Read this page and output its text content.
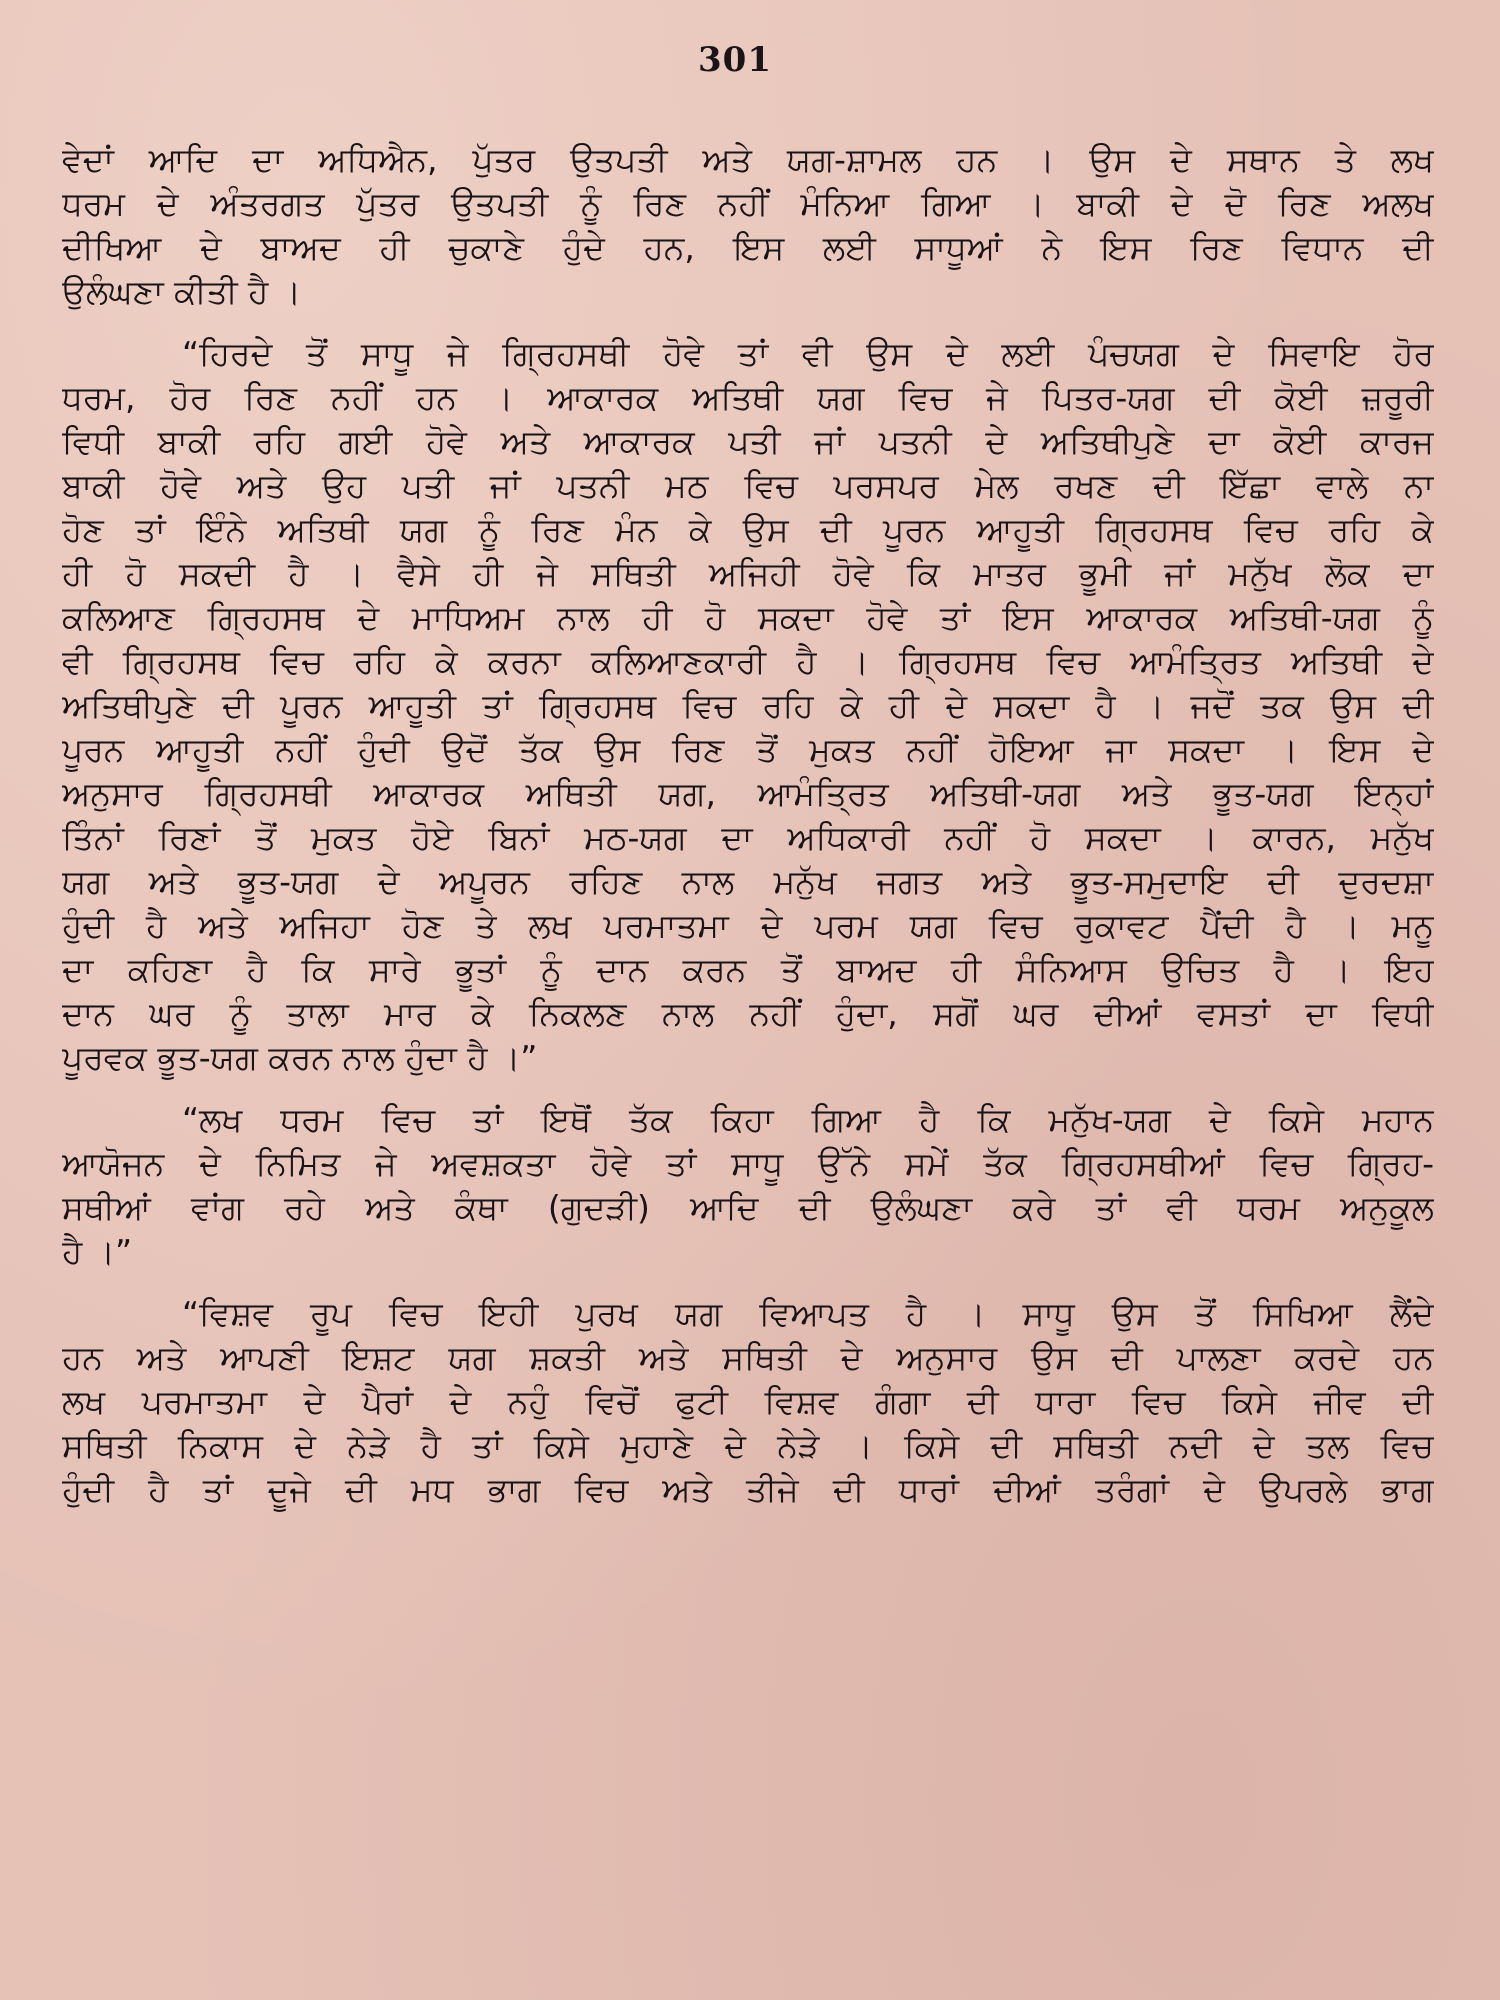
301
ਵੇਦਾਂ ਆਦਿ ਦਾ ਅਧਿਐਨ, ਪੁੱਤਰ ਉਤਪਤੀ ਅਤੇ ਯਗ-ਸ਼ਾਮਲ ਹਨ । ਉਸ ਦੇ ਸਥਾਨ ਤੇ ਲਖ
ਧਰਮ ਦੇ ਅੰਤਰਗਤ ਪੁੱਤਰ ਉਤਪਤੀ ਨੂੰ ਰਿਣ ਨਹੀਂ ਮੰਨਿਆ ਗਿਆ । ਬਾਕੀ ਦੇ ਦੋ ਰਿਣ ਅਲਖ
ਦੀਖਿਆ ਦੇ ਬਾਅਦ ਹੀ ਚੁਕਾਣੇ ਹੁੰਦੇ ਹਨ, ਇਸ ਲਈ ਸਾਧੂਆਂ ਨੇ ਇਸ ਰਿਣ ਵਿਧਾਨ ਦੀ
ਉਲੰਘਣਾ ਕੀਤੀ ਹੈ ।
“ਹਿਰਦੇ ਤੋਂ ਸਾਧੂ ਜੇ ਗ੍ਰਿਹਸਥੀ ਹੋਵੇ ਤਾਂ ਵੀ ਉਸ ਦੇ ਲਈ ਪੰਚਯਗ ਦੇ ਸਿਵਾਇ ਹੋਰ
ਧਰਮ, ਹੋਰ ਰਿਣ ਨਹੀਂ ਹਨ । ਆਕਾਰਕ ਅਤਿਥੀ ਯਗ ਵਿਚ ਜੇ ਪਿਤਰ-ਯਗ ਦੀ ਕੋਈ ਜ਼ਰੂਰੀ
ਵਿਧੀ ਬਾਕੀ ਰਹਿ ਗਈ ਹੋਵੇ ਅਤੇ ਆਕਾਰਕ ਪਤੀ ਜਾਂ ਪਤਨੀ ਦੇ ਅਤਿਥੀਪੁਣੇ ਦਾ ਕੋਈ ਕਾਰਜ
ਬਾਕੀ ਹੋਵੇ ਅਤੇ ਉਹ ਪਤੀ ਜਾਂ ਪਤਨੀ ਮਠ ਵਿਚ ਪਰਸਪਰ ਮੇਲ ਰਖਣ ਦੀ ਇੱਛਾ ਵਾਲੇ ਨਾ
ਹੋਣ ਤਾਂ ਇੰਨੇ ਅਤਿਥੀ ਯਗ ਨੂੰ ਰਿਣ ਮੰਨ ਕੇ ਉਸ ਦੀ ਪੂਰਨ ਆਹੂਤੀ ਗ੍ਰਿਹਸਥ ਵਿਚ ਰਹਿ ਕੇ
ਹੀ ਹੋ ਸਕਦੀ ਹੈ । ਵੈਸੇ ਹੀ ਜੇ ਸਥਿਤੀ ਅਜਿਹੀ ਹੋਵੇ ਕਿ ਮਾਤਰ ਭੂਮੀ ਜਾਂ ਮਨੁੱਖ ਲੋਕ ਦਾ
ਕਲਿਆਣ ਗ੍ਰਿਹਸਥ ਦੇ ਮਾਧਿਅਮ ਨਾਲ ਹੀ ਹੋ ਸਕਦਾ ਹੋਵੇ ਤਾਂ ਇਸ ਆਕਾਰਕ ਅਤਿਥੀ-ਯਗ ਨੂੰ
ਵੀ ਗ੍ਰਿਹਸਥ ਵਿਚ ਰਹਿ ਕੇ ਕਰਨਾ ਕਲਿਆਣਕਾਰੀ ਹੈ । ਗ੍ਰਿਹਸਥ ਵਿਚ ਆਮੰਤ੍ਰਿਤ ਅਤਿਥੀ ਦੇ
ਅਤਿਥੀਪੁਣੇ ਦੀ ਪੂਰਨ ਆਹੂਤੀ ਤਾਂ ਗ੍ਰਿਹਸਥ ਵਿਚ ਰਹਿ ਕੇ ਹੀ ਦੇ ਸਕਦਾ ਹੈ । ਜਦੋਂ ਤਕ ਉਸ ਦੀ
ਪੂਰਨ ਆਹੂਤੀ ਨਹੀਂ ਹੁੰਦੀ ਉਦੋਂ ਤੱਕ ਉਸ ਰਿਣ ਤੋਂ ਮੁਕਤ ਨਹੀਂ ਹੋਇਆ ਜਾ ਸਕਦਾ । ਇਸ ਦੇ
ਅਨੁਸਾਰ ਗ੍ਰਿਹਸਥੀ ਆਕਾਰਕ ਅਥਿਤੀ ਯਗ, ਆਮੰਤ੍ਰਿਤ ਅਤਿਥੀ-ਯਗ ਅਤੇ ਭੂਤ-ਯਗ ਇਨ੍ਹਾਂ
ਤਿੰਨਾਂ ਰਿਣਾਂ ਤੋਂ ਮੁਕਤ ਹੋਏ ਬਿਨਾਂ ਮਠ-ਯਗ ਦਾ ਅਧਿਕਾਰੀ ਨਹੀਂ ਹੋ ਸਕਦਾ । ਕਾਰਨ, ਮਨੁੱਖ
ਯਗ ਅਤੇ ਭੂਤ-ਯਗ ਦੇ ਅਪੂਰਨ ਰਹਿਣ ਨਾਲ ਮਨੁੱਖ ਜਗਤ ਅਤੇ ਭੂਤ-ਸਮੁਦਾਇ ਦੀ ਦੁਰਦਸ਼ਾ
ਹੁੰਦੀ ਹੈ ਅਤੇ ਅਜਿਹਾ ਹੋਣ ਤੇ ਲਖ ਪਰਮਾਤਮਾ ਦੇ ਪਰਮ ਯਗ ਵਿਚ ਰੁਕਾਵਟ ਪੈਂਦੀ ਹੈ । ਮਨੂ
ਦਾ ਕਹਿਣਾ ਹੈ ਕਿ ਸਾਰੇ ਭੂਤਾਂ ਨੂੰ ਦਾਨ ਕਰਨ ਤੋਂ ਬਾਅਦ ਹੀ ਸੰਨਿਆਸ ਉਚਿਤ ਹੈ । ਇਹ
ਦਾਨ ਘਰ ਨੂੰ ਤਾਲਾ ਮਾਰ ਕੇ ਨਿਕਲਣ ਨਾਲ ਨਹੀਂ ਹੁੰਦਾ, ਸਗੋਂ ਘਰ ਦੀਆਂ ਵਸਤਾਂ ਦਾ ਵਿਧੀ
ਪੂਰਵਕ ਭੂਤ-ਯਗ ਕਰਨ ਨਾਲ ਹੁੰਦਾ ਹੈ ।”
“ਲਖ ਧਰਮ ਵਿਚ ਤਾਂ ਇਥੋਂ ਤੱਕ ਕਿਹਾ ਗਿਆ ਹੈ ਕਿ ਮਨੁੱਖ-ਯਗ ਦੇ ਕਿਸੇ ਮਹਾਨ
ਆਯੋਜਨ ਦੇ ਨਿਮਿਤ ਜੇ ਅਵਸ਼ਕਤਾ ਹੋਵੇ ਤਾਂ ਸਾਧੂ ਉੱਨੇ ਸਮੇਂ ਤੱਕ ਗ੍ਰਿਹਸਥੀਆਂ ਵਿਚ ਗ੍ਰਿਹ-
ਸਥੀਆਂ ਵਾਂਗ ਰਹੇ ਅਤੇ ਕੰਥਾ (ਗੁਦੜੀ) ਆਦਿ ਦੀ ਉਲੰਘਣਾ ਕਰੇ ਤਾਂ ਵੀ ਧਰਮ ਅਨੁਕੂਲ
ਹੈ ।”
“ਵਿਸ਼ਵ ਰੂਪ ਵਿਚ ਇਹੀ ਪੁਰਖ ਯਗ ਵਿਆਪਤ ਹੈ । ਸਾਧੂ ਉਸ ਤੋਂ ਸਿਖਿਆ ਲੈਂਦੇ
ਹਨ ਅਤੇ ਆਪਣੀ ਇਸ਼ਟ ਯਗ ਸ਼ਕਤੀ ਅਤੇ ਸਥਿਤੀ ਦੇ ਅਨੁਸਾਰ ਉਸ ਦੀ ਪਾਲਣਾ ਕਰਦੇ ਹਨ
ਲਖ ਪਰਮਾਤਮਾ ਦੇ ਪੈਰਾਂ ਦੇ ਨਹੁੰ ਵਿਚੋਂ ਫੁਟੀ ਵਿਸ਼ਵ ਗੰਗਾ ਦੀ ਧਾਰਾ ਵਿਚ ਕਿਸੇ ਜੀਵ ਦੀ
ਸਥਿਤੀ ਨਿਕਾਸ ਦੇ ਨੇੜੇ ਹੈ ਤਾਂ ਕਿਸੇ ਮੁਹਾਣੇ ਦੇ ਨੇੜੇ । ਕਿਸੇ ਦੀ ਸਥਿਤੀ ਨਦੀ ਦੇ ਤਲ ਵਿਚ
ਹੁੰਦੀ ਹੈ ਤਾਂ ਦੂਜੇ ਦੀ ਮਧ ਭਾਗ ਵਿਚ ਅਤੇ ਤੀਜੇ ਦੀ ਧਾਰਾਂ ਦੀਆਂ ਤਰੰਗਾਂ ਦੇ ਉਪਰਲੇ ਭਾਗ
